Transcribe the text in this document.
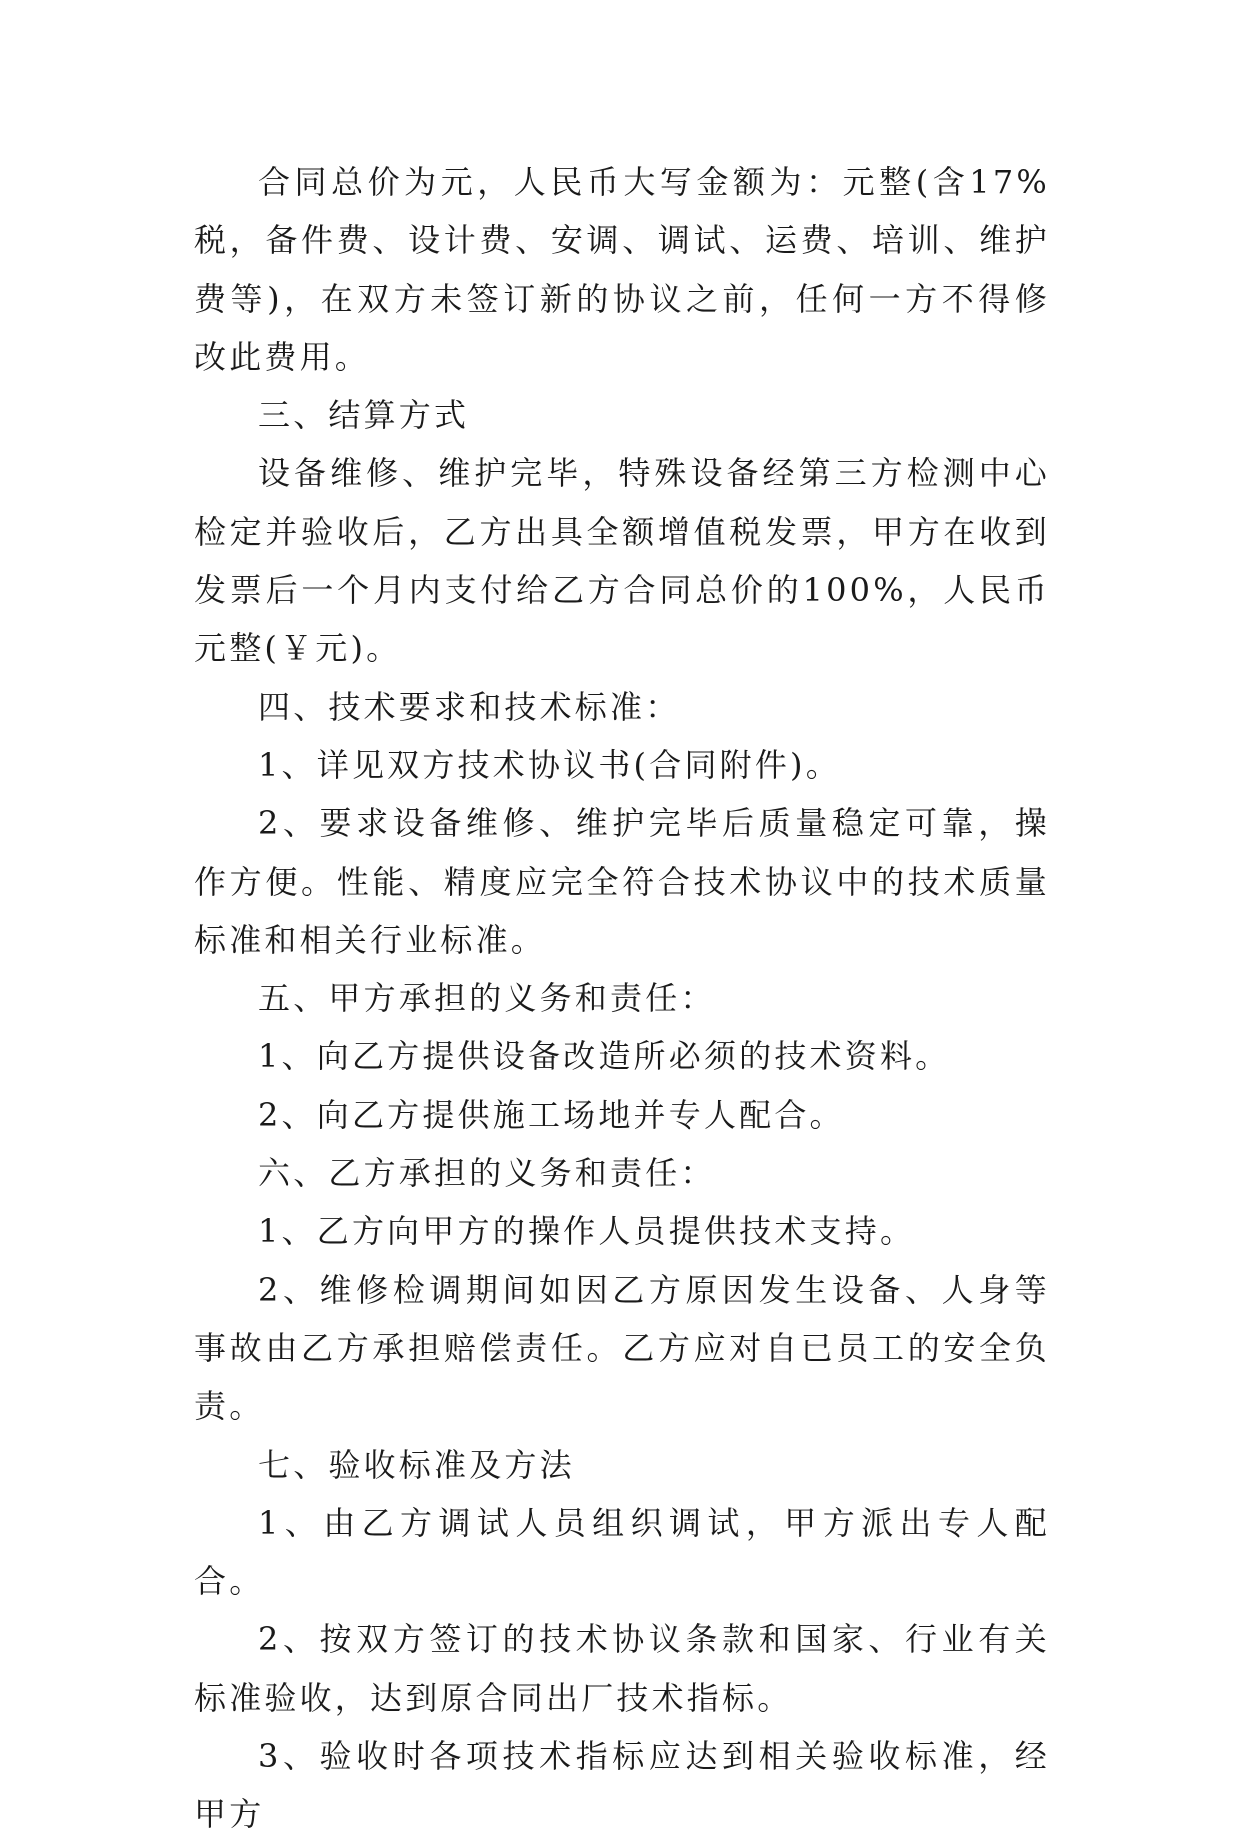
合同总价为元，人民币大写金额为：元整(含17%税，备件费、设计费、安调、调试、运费、培训、维护费等)，在双方未签订新的协议之前，任何一方不得修改此费用。

三、结算方式

设备维修、维护完毕，特殊设备经第三方检测中心检定并验收后，乙方出具全额增值税发票，甲方在收到发票后一个月内支付给乙方合同总价的100%，人民币元整(￥元)。

四、技术要求和技术标准：

1、详见双方技术协议书(合同附件)。

2、要求设备维修、维护完毕后质量稳定可靠，操作方便。性能、精度应完全符合技术协议中的技术质量标准和相关行业标准。

五、甲方承担的义务和责任：

1、向乙方提供设备改造所必须的技术资料。

2、向乙方提供施工场地并专人配合。

六、乙方承担的义务和责任：

1、乙方向甲方的操作人员提供技术支持。

2、维修检调期间如因乙方原因发生设备、人身等事故由乙方承担赔偿责任。乙方应对自已员工的安全负责。

七、验收标准及方法

1、由乙方调试人员组织调试，甲方派出专人配合。

2、按双方签订的技术协议条款和国家、行业有关标准验收，达到原合同出厂技术指标。

3、验收时各项技术指标应达到相关验收标准，经甲方
